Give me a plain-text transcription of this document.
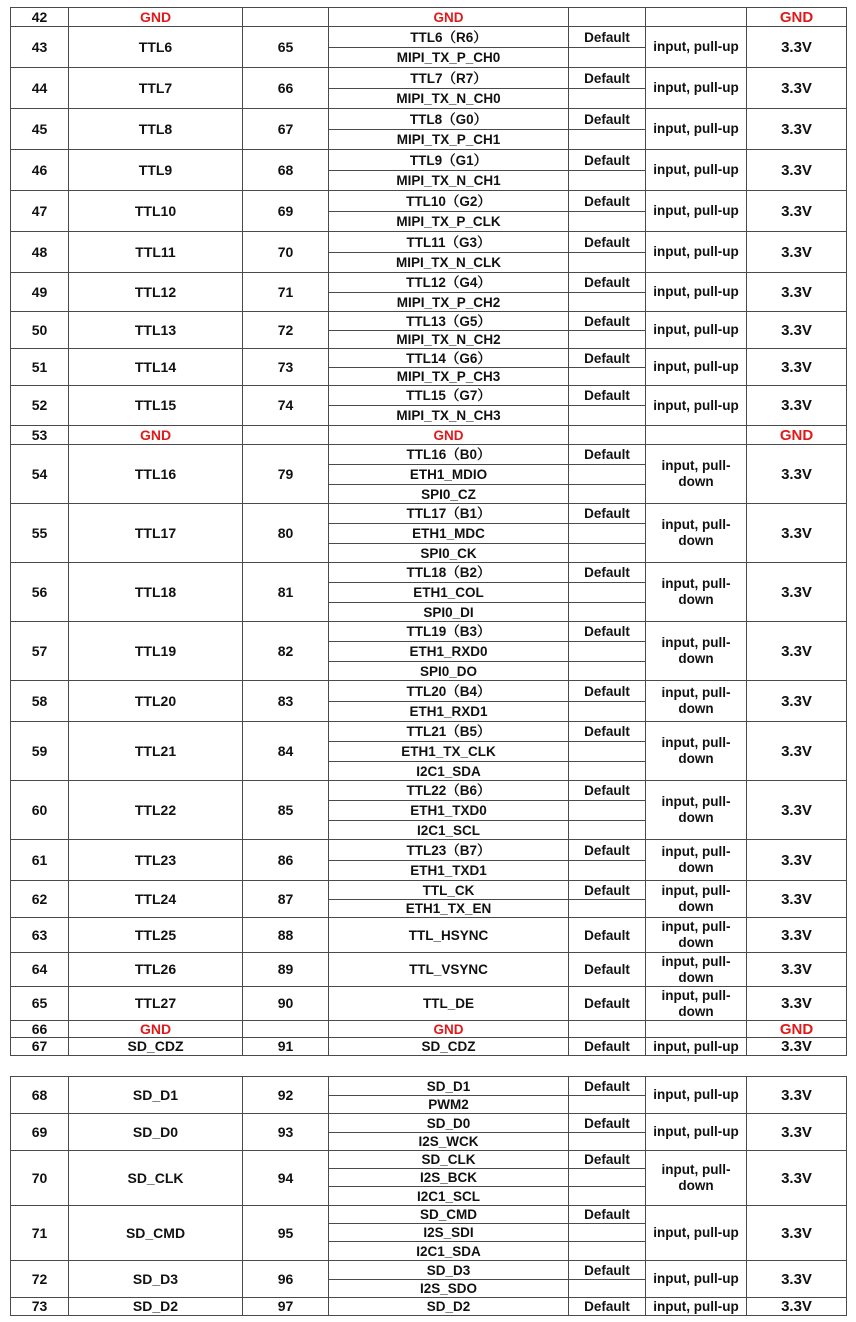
42	GND		GND			GND
43	TTL6	65	TTL6（R6）	Default	input, pull-up	3.3V
			MIPI_TX_P_CH0			
44	TTL7	66	TTL7（R7）	Default	input, pull-up	3.3V
			MIPI_TX_N_CH0			
45	TTL8	67	TTL8（G0）	Default	input, pull-up	3.3V
			MIPI_TX_P_CH1			
46	TTL9	68	TTL9（G1）	Default	input, pull-up	3.3V
			MIPI_TX_N_CH1			
47	TTL10	69	TTL10（G2）	Default	input, pull-up	3.3V
			MIPI_TX_P_CLK			
48	TTL11	70	TTL11（G3）	Default	input, pull-up	3.3V
			MIPI_TX_N_CLK			
49	TTL12	71	TTL12（G4）	Default	input, pull-up	3.3V
			MIPI_TX_P_CH2			
50	TTL13	72	TTL13（G5）	Default	input, pull-up	3.3V
			MIPI_TX_N_CH2			
51	TTL14	73	TTL14（G6）	Default	input, pull-up	3.3V
			MIPI_TX_P_CH3			
52	TTL15	74	TTL15（G7）	Default	input, pull-up	3.3V
			MIPI_TX_N_CH3			
53	GND		GND			GND
54	TTL16	79	TTL16（B0）	Default	input, pull-down	3.3V
			ETH1_MDIO			
			SPI0_CZ			
55	TTL17	80	TTL17（B1）	Default	input, pull-down	3.3V
			ETH1_MDC			
			SPI0_CK			
56	TTL18	81	TTL18（B2）	Default	input, pull-down	3.3V
			ETH1_COL			
			SPI0_DI			
57	TTL19	82	TTL19（B3）	Default	input, pull-down	3.3V
			ETH1_RXD0			
			SPI0_DO			
58	TTL20	83	TTL20（B4）	Default	input, pull-down	3.3V
			ETH1_RXD1			
59	TTL21	84	TTL21（B5）	Default	input, pull-down	3.3V
			ETH1_TX_CLK			
			I2C1_SDA			
60	TTL22	85	TTL22（B6）	Default	input, pull-down	3.3V
			ETH1_TXD0			
			I2C1_SCL			
61	TTL23	86	TTL23（B7）	Default	input, pull-down	3.3V
			ETH1_TXD1			
62	TTL24	87	TTL_CK	Default	input, pull-down	3.3V
			ETH1_TX_EN			
63	TTL25	88	TTL_HSYNC	Default	input, pull-down	3.3V
64	TTL26	89	TTL_VSYNC	Default	input, pull-down	3.3V
65	TTL27	90	TTL_DE	Default	input, pull-down	3.3V
66	GND		GND			GND
67	SD_CDZ	91	SD_CDZ	Default	input, pull-up	3.3V
68	SD_D1	92	SD_D1	Default	input, pull-up	3.3V
			PWM2			
69	SD_D0	93	SD_D0	Default	input, pull-up	3.3V
			I2S_WCK			
70	SD_CLK	94	SD_CLK	Default	input, pull-down	3.3V
			I2S_BCK			
			I2C1_SCL			
71	SD_CMD	95	SD_CMD	Default	input, pull-up	3.3V
			I2S_SDI			
			I2C1_SDA			
72	SD_D3	96	SD_D3	Default	input, pull-up	3.3V
			I2S_SDO			
73	SD_D2	97	SD_D2	Default	input, pull-up	3.3V
